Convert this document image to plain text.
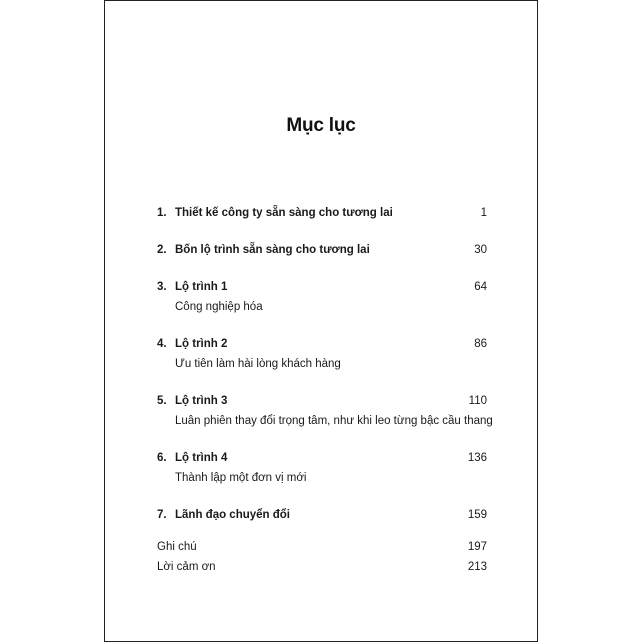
Mục lục
1. Thiết kế công ty sẵn sàng cho tương lai	1
2. Bốn lộ trình sẵn sàng cho tương lai	30
3. Lộ trình 1	64
Công nghiệp hóa
4. Lộ trình 2	86
Ưu tiên làm hài lòng khách hàng
5. Lộ trình 3	110
Luân phiên thay đổi trọng tâm, như khi leo từng bậc cầu thang
6. Lộ trình 4	136
Thành lập một đơn vị mới
7. Lãnh đạo chuyển đổi	159
Ghi chú	197
Lời cảm ơn	213
